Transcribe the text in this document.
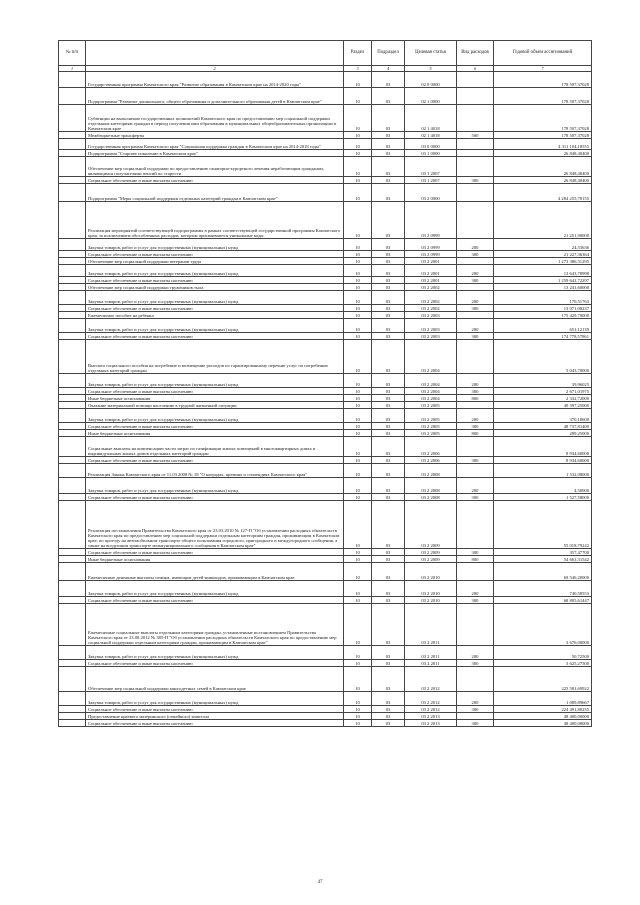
№ п/п		Раздел	Подраздел	Целевая статья	Вид расходов	Годовой объем ассигнований
1	2	3	4	5	6	7
	Государственная программа Камчатского края "Развитие образования в Камчатском крае на 2014-2020 годы"	10	03	02 0 0000		178 507,37028
	Подпрограмма "Развитие дошкольного, общего образования и дополнительного образования детей в Камчатском крае"	10	03	02 1 0000		178 507,37028
	Субвенции на выполнение государственных полномочий Камчатского края по предоставлению мер социальной поддержки отдельным категориям граждан в период получения ими образования в муниципальных общеобразовательных организациях в Камчатском крае	10	03	02 1 4018		178 507,37028
	Межбюджетные трансферты	10	03	02 1 4018	500	178 507,37028
	Государственная программа Камчатского края "Социальная поддержка граждан в Камчатском крае на 2014-2018 годы"	10	03	03 0 0000		4 311 104,18555
	Подпрограмма "Старшее поколение в Камчатском крае"	10	03	03 1 0000		26 848,40400
	Обеспечение мер социальной поддержки по предоставлению санаторно-курортного лечения неработающим гражданам, являющимся получателями пенсий по старости	10	03	03 1 2007		26 848,40400
	Социальное обеспечение и иные выплаты населению	10	03	03 1 2007	300	26 848,40400
	Подпрограмма "Меры социальной поддержки отдельных категорий граждан в Камчатском крае"	10	03	03 2 0000		4 284 255,78155
	Реализация мероприятий соответствующей подпрограммы в рамках соответствующей государственной программы Камчатского края, за исключением обособленных расходов, которым присваиваются уникальные коды	10	03	03 2 0999		21 251,90000
	Закупка товаров, работ и услуг для государственных (муниципальных) нужд	10	03	03 2 0999	200	24,53636
	Социальное обеспечение и иные выплаты населению	10	03	03 2 0999	300	21 227,36364
	Обеспечение мер социальной поддержки ветеранов труда	10	03	03 2 2001		1 273 386,51295
	Закупка товаров, работ и услуг для государственных (муниципальных) нужд	10	03	03 2 2001	200	13 643,78998
	Социальное обеспечение и иные выплаты населению	10	03	03 2 2001	300	1 259 642,72297
	Обеспечение мер социальной поддержки тружеников тыла	10	03	03 2 2002		13 241,60000
	Закупка товаров, работ и услуг для государственных (муниципальных) нужд	10	03	03 2 2002	200	170,51763
	Социальное обеспечение и иные выплаты населению	10	03	03 2 2002	300	13 071,08237
	Ежемесячное пособие на ребенка	10	03	03 2 2003		175 429,70000
	Закупка товаров, работ и услуг для государственных (муниципальных) нужд	10	03	03 2 2003	200	651,12139
	Социальное обеспечение и иные выплаты населению	10	03	03 2 2003	300	174 778,57861
	Выплата социального пособия на погребение и возмещение расходов по гарантированному перечню услуг по погребению отдельных категорий граждан	10	03	03 2 2004		5 043,70000
	Закупка товаров, работ и услуг для государственных (муниципальных) нужд	10	03	03 2 2004	200	39,96025
	Социальное обеспечение и иные выплаты населению	10	03	03 2 2004	300	2 671,01975
	Иные бюджетные ассигнования	10	03	03 2 2004	800	2 332,72000
	Оказание материальной помощи населению в трудной жизненной ситуации	10	03	03 2 2005		49 397,25000
	Закупка товаров, работ и услуг для государственных (муниципальных) нужд	10	03	03 2 2005	200	370,18600
	Социальное обеспечение и иные выплаты населению	10	03	03 2 2005	300	48 737,81400
	Иные бюджетные ассигнования	10	03	03 2 2005	800	289,25000
	Социальные выплаты на компенсацию части затрат по газификации жилых помещений в многоквартирных домах и индивидуальных жилых домов отдельных категорий граждан	10	03	03 2 2006		8 934,60000
	Социальное обеспечение и иные выплаты населению	10	03	03 2 2006	300	8 934,60000
	Реализация Закона Камчатского края от 11.03.2008 № 18 "О наградах, премиях и стипендиях Камчатского края"	10	03	03 2 2008		1 532,08000
	Закупка товаров, работ и услуг для государственных (муниципальных) нужд	10	03	03 2 2008	200	4,50000
	Социальное обеспечение и иные выплаты населению	10	03	03 2 2008	300	1 527,58000
	Реализация постановления Правительства Камчатского края от 23.03.2010 № 127-П "Об установлении расходных обязательств Камчатского края по предоставлению мер социальной поддержки отдельным категориям граждан, проживающим в Камчатском крае, по проезду на автомобильном транспорте общего пользования городского, пригородного и междугородного сообщения, а также на воздушном транспорте межмуниципального сообщения в Камчатском крае"	10	03	03 2 2009		55 018,79242
	Социальное обеспечение и иные выплаты населению	10	03	03 2 2009	300	357,47700
	Иные бюджетные ассигнования	10	03	03 2 2009	800	54 661,31542
	Ежемесячные денежные выплаты семьям, имеющим детей-инвалидов, проживающим в Камчатском крае	10	03	03 2 2010		69 546,20000
	Закупка товаров, работ и услуг для государственных (муниципальных) нужд	10	03	03 2 2010	200	740,58553
	Социальное обеспечение и иные выплаты населению	10	03	03 2 2010	300	68 805,61447
	Ежемесячные социальные выплаты отдельным категориям граждан, установленные постановлением Правительства Камчатского края от 23.08.2012 № 385-П "Об установлении расходных обязательств Камчатского края по предоставлению мер социальной поддержки отдельным категориям граждан, проживающим в Камчатском крае"	10	03	03 2 2011		3 676,00000
	Закупка товаров, работ и услуг для государственных (муниципальных) нужд	10	03	03 2 2011	200	50,72500
	Социальное обеспечение и иные выплаты населению	10	03	03 2 2011	300	3 625,27500
	Обеспечение мер социальной поддержки многодетных семей в Камчатском крае	10	03	03 2 2012		225 581,69922
	Закупка товаров, работ и услуг для государственных (муниципальных) нужд	10	03	03 2 2012	200	1 089,89667
	Социальное обеспечение и иные выплаты населению	10	03	03 2 2012	300	224 491,80255
	Предоставление краевого материнского (семейного) капитала	10	03	03 2 2013		48 400,00000
	Социальное обеспечение и иные выплаты населению	10	03	03 2 2013	300	48 400,00000
47
